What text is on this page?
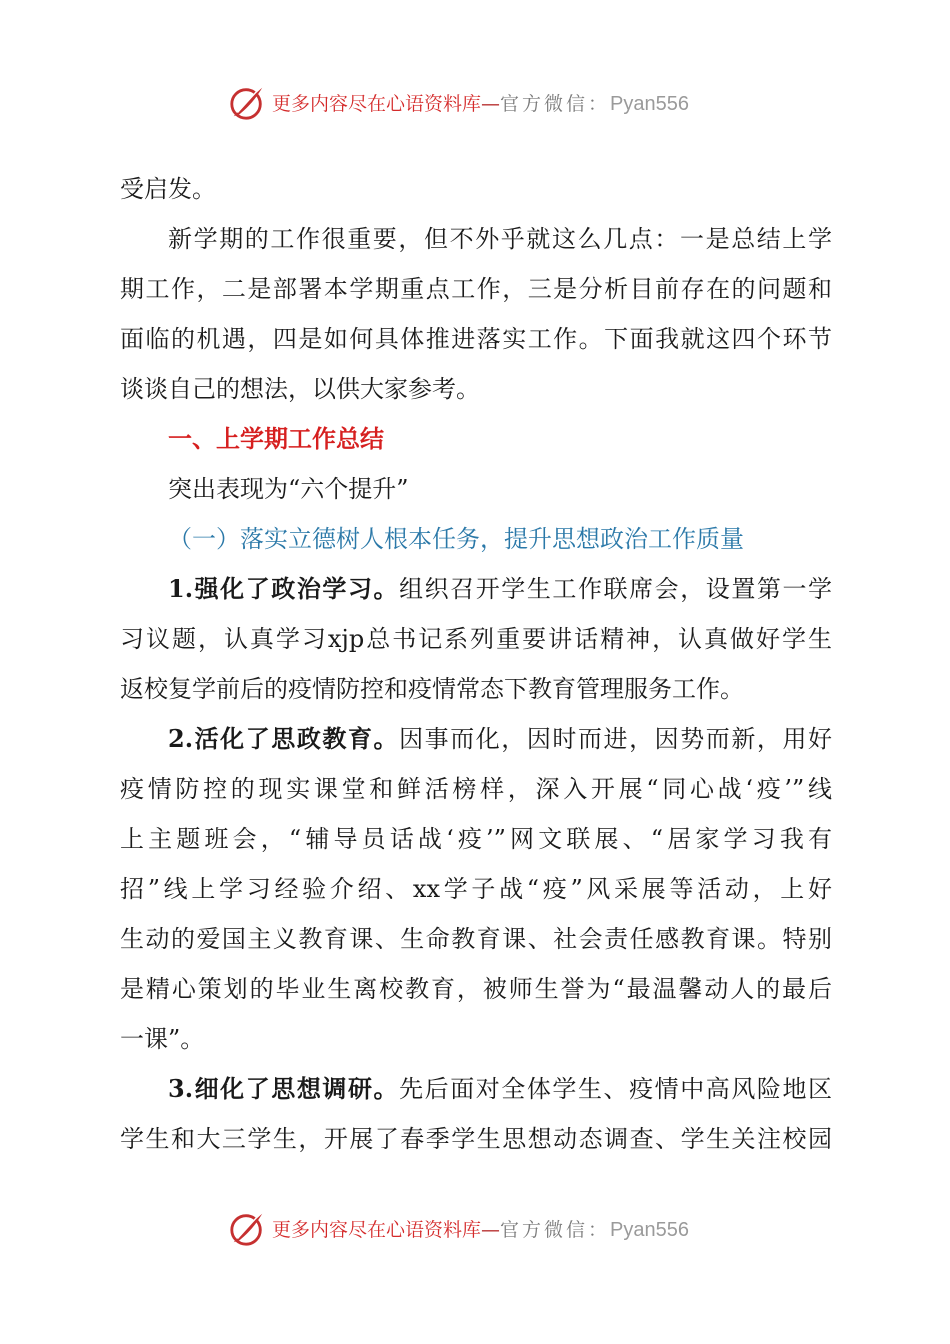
更多内容尽在心语资料库—官方微信：Pyan556
受启发。
新学期的工作很重要，但不外乎就这么几点：一是总结上学
期工作，二是部署本学期重点工作，三是分析目前存在的问题和
面临的机遇，四是如何具体推进落实工作。下面我就这四个环节
谈谈自己的想法，以供大家参考。
一、上学期工作总结
突出表现为“六个提升”
（一）落实立德树人根本任务，提升思想政治工作质量
1.强化了政治学习。组织召开学生工作联席会，设置第一学
习议题，认真学习xjp总书记系列重要讲话精神，认真做好学生
返校复学前后的疫情防控和疫情常态下教育管理服务工作。
2.活化了思政教育。因事而化，因时而进，因势而新，用好
疫情防控的现实课堂和鲜活榜样，深入开展“同心战‘疫’”线
上主题班会，“辅导员话战‘疫’”网文联展、“居家学习我有
招”线上学习经验介绍、xx学子战“疫”风采展等活动，上好
生动的爱国主义教育课、生命教育课、社会责任感教育课。特别
是精心策划的毕业生离校教育，被师生誉为“最温馨动人的最后
一课”。
3.细化了思想调研。先后面对全体学生、疫情中高风险地区
学生和大三学生，开展了春季学生思想动态调查、学生关注校园
更多内容尽在心语资料库—官方微信：Pyan556
